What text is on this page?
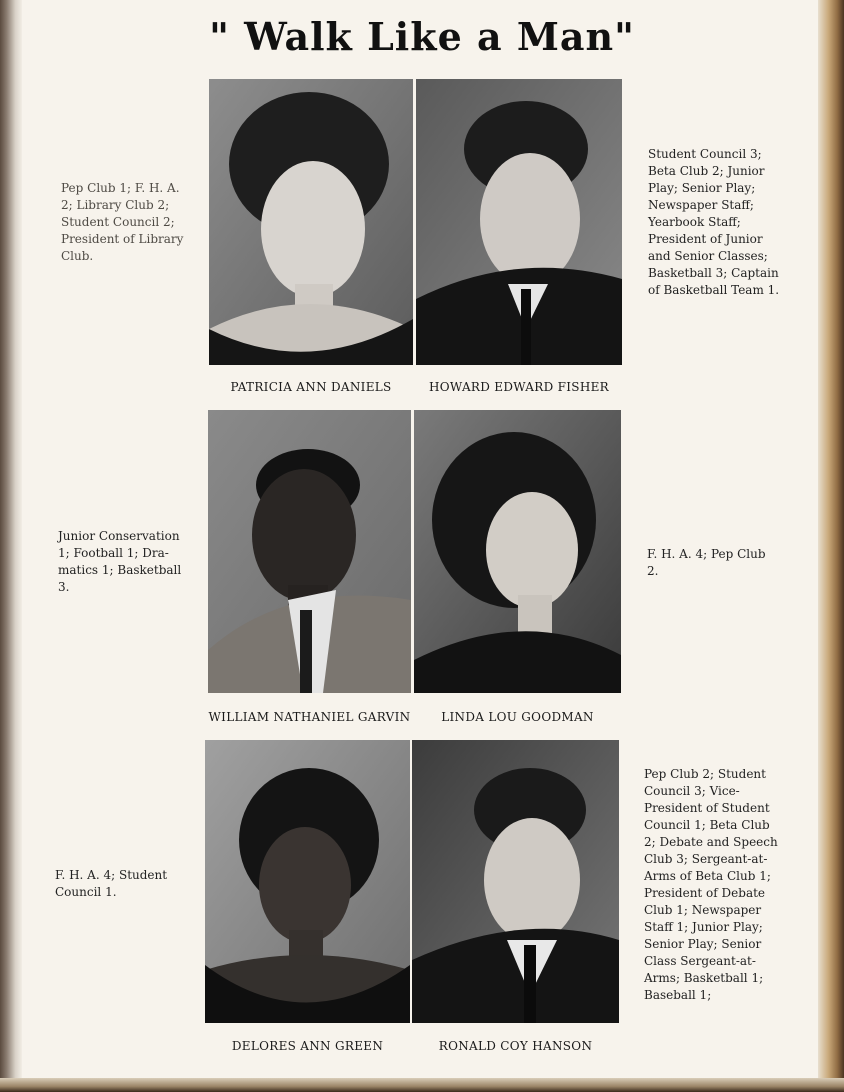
" Walk Like a Man"
Pep Club 1; F. H. A.
2; Library Club 2;
Student Council 2;
President of Library
Club.
Student Council 3;
Beta Club 2; Junior
Play; Senior Play;
Newspaper Staff;
Yearbook Staff;
President of Junior
and Senior Classes;
Basketball 3; Captain
of Basketball Team 1.
PATRICIA ANN DANIELS	HOWARD EDWARD FISHER
Junior Conservation
1; Football 1; Dra-
matics 1; Basketball
3.
F. H. A. 4; Pep Club
2.
WILLIAM NATHANIEL GARVIN	LINDA LOU GOODMAN
F. H. A. 4; Student
Council 1.
Pep Club 2; Student
Council 3; Vice-
President of Student
Council 1; Beta Club
2; Debate and Speech
Club 3; Sergeant-at-
Arms of Beta Club 1;
President of Debate
Club 1; Newspaper
Staff 1; Junior Play;
Senior Play; Senior
Class Sergeant-at-
Arms; Basketball 1;
Baseball 1;
DELORES ANN GREEN	RONALD COY HANSON
